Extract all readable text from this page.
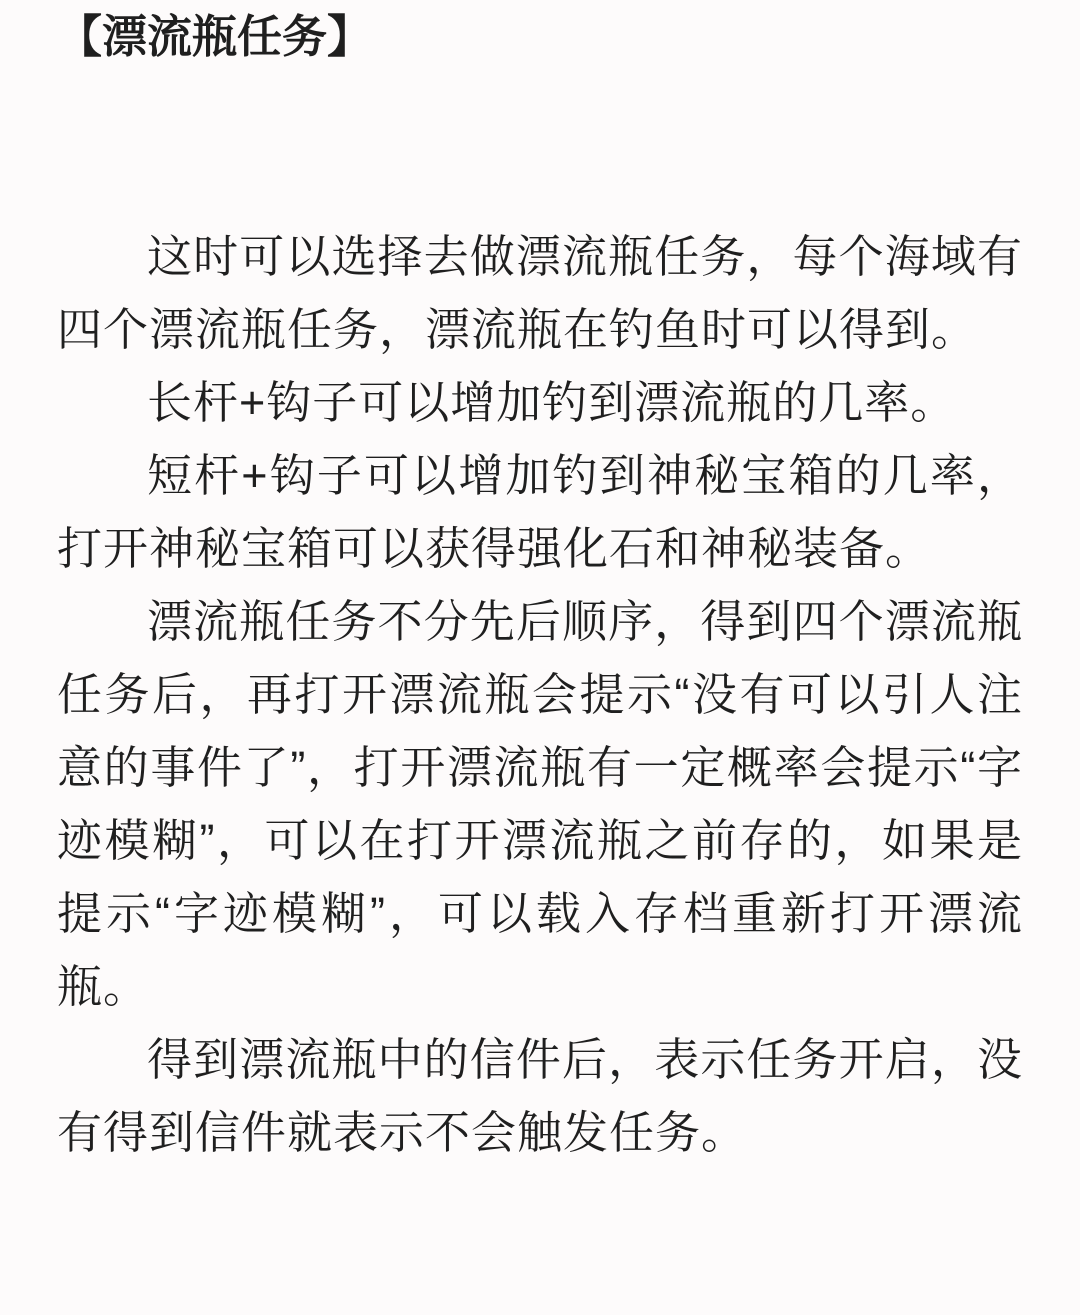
【漂流瓶任务】

这时可以选择去做漂流瓶任务，每个海域有四个漂流瓶任务，漂流瓶在钓鱼时可以得到。

长杆+钩子可以增加钓到漂流瓶的几率。

短杆+钩子可以增加钓到神秘宝箱的几率，打开神秘宝箱可以获得强化石和神秘装备。

漂流瓶任务不分先后顺序，得到四个漂流瓶任务后，再打开漂流瓶会提示“没有可以引人注意的事件了”，打开漂流瓶有一定概率会提示“字迹模糊”，可以在打开漂流瓶之前存的，如果是提示“字迹模糊”，可以载入存档重新打开漂流瓶。

得到漂流瓶中的信件后，表示任务开启，没有得到信件就表示不会触发任务。
